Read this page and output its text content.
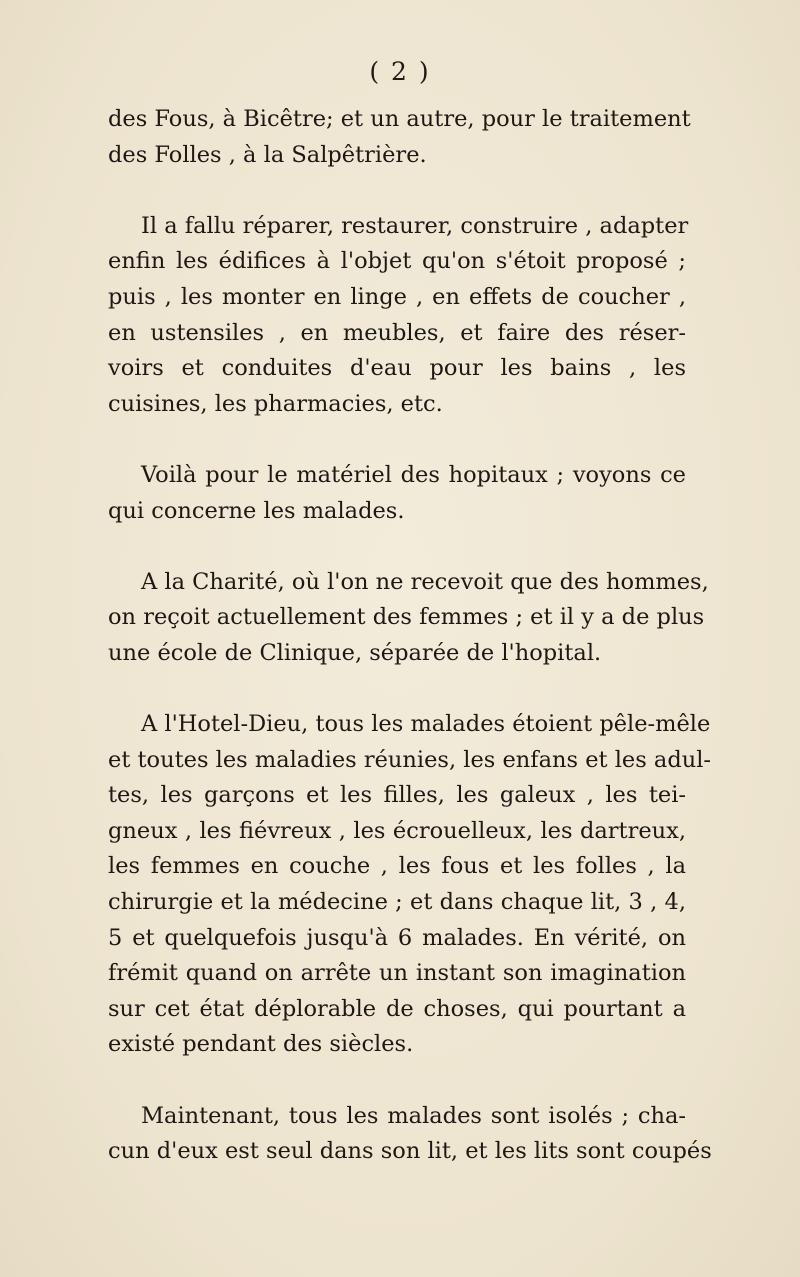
( 2 )

des Fous, à Bicêtre; et un autre, pour le traitement
des Folles , à la Salpêtrière.

Il a fallu réparer, restaurer, construire , adapter
enfin les édifices à l'objet qu'on s'étoit proposé ;
puis , les monter en linge , en effets de coucher ,
en ustensiles , en meubles, et faire des réser-
voirs et conduites d'eau pour les bains , les
cuisines, les pharmacies, etc.

Voilà pour le matériel des hopitaux ; voyons ce
qui concerne les malades.

A la Charité, où l'on ne recevoit que des hommes,
on reçoit actuellement des femmes ; et il y a de plus
une école de Clinique, séparée de l'hopital.

A l'Hotel-Dieu, tous les malades étoient pêle-mêle
et toutes les maladies réunies, les enfans et les adul-
tes, les garçons et les filles, les galeux , les tei-
gneux , les fiévreux , les écrouelleux, les dartreux,
les femmes en couche , les fous et les folles , la
chirurgie et la médecine ; et dans chaque lit, 3 , 4,
5 et quelquefois jusqu'à 6 malades. En vérité, on
frémit quand on arrête un instant son imagination
sur cet état déplorable de choses, qui pourtant a
existé pendant des siècles.

Maintenant, tous les malades sont isolés ; cha-
cun d'eux est seul dans son lit, et les lits sont coupés
